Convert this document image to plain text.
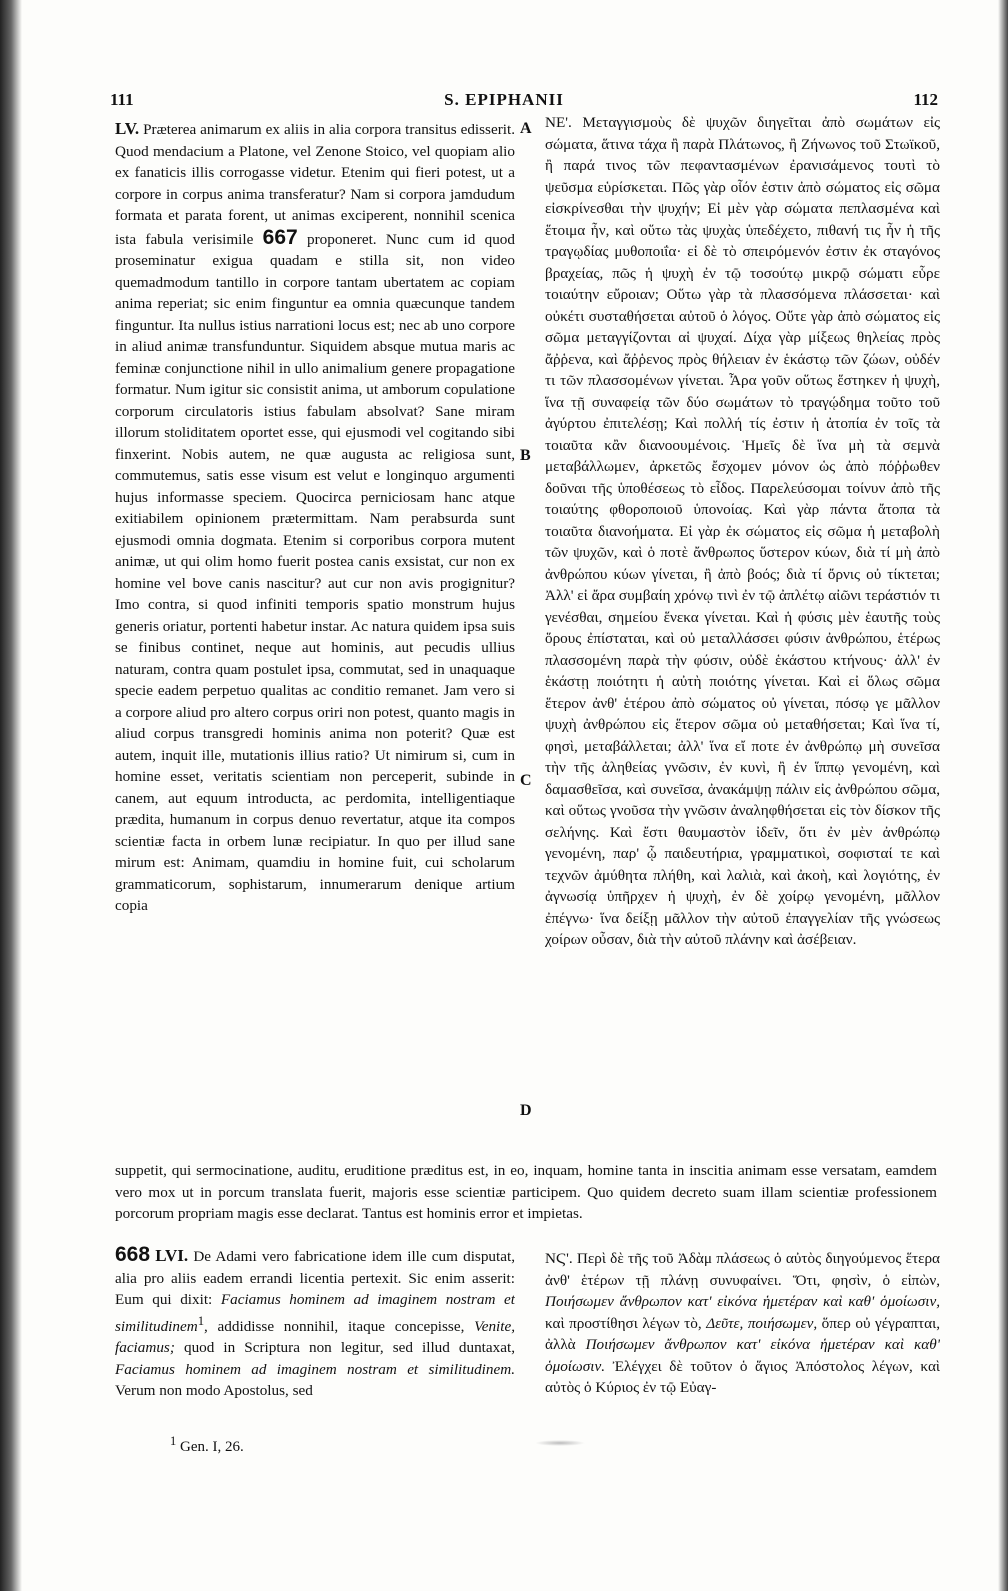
111	S. EPIPHANII	112
A
B
C
D

LV. Præterea animarum ex aliis in alia corpora transitus edisserit. Quod mendacium a Platone, vel Zenone Stoico, vel quopiam alio ex fanaticis illis corrogasse videtur. Etenim qui fieri potest, ut a corpore in corpus anima transferatur? Nam si corpora jamdudum formata et parata forent, ut animas exciperent, nonnihil scenica ista fabula verisimile 667 proponeret. Nunc cum id quod proseminatur exigua quadam e stilla sit, non video quemadmodum tantillo in corpore tantam ubertatem ac copiam anima reperiat; sic enim finguntur ea omnia quæcunque tandem finguntur. Ita nullus istius narrationi locus est; nec ab uno corpore in aliud animæ transfunduntur. Siquidem absque mutua maris ac feminæ conjunctione nihil in ullo animalium genere propagatione formatur. Num igitur sic consistit anima, ut amborum copulatione corporum circulatoris istius fabulam absolvat? Sane miram illorum stoliditatem oportet esse, qui ejusmodi vel cogitando sibi finxerint. Nobis autem, ne quæ augusta ac religiosa sunt, commutemus, satis esse visum est velut e longinquo argumenti hujus informasse speciem. Quocirca perniciosam hanc atque exitiabilem opinionem prætermittam. Nam perabsurda sunt ejusmodi omnia dogmata. Etenim si corporibus corpora mutent animæ, ut qui olim homo fuerit postea canis exsistat, cur non ex homine vel bove canis nascitur? aut cur non avis progignitur? Imo contra, si quod infiniti temporis spatio monstrum hujus generis oriatur, portenti habetur instar. Ac natura quidem ipsa suis se finibus continet, neque aut hominis, aut pecudis ullius naturam, contra quam postulet ipsa, commutat, sed in unaquaque specie eadem perpetuo qualitas ac conditio remanet. Jam vero si a corpore aliud pro altero corpus oriri non potest, quanto magis in aliud corpus transgredi hominis anima non poterit? Quæ est autem, inquit ille, mutationis illius ratio? Ut nimirum si, cum in homine esset, veritatis scientiam non perceperit, subinde in canem, aut equum introducta, ac perdomita, intelligentiaque prædita, humanum in corpus denuo revertatur, atque ita compos scientiæ facta in orbem lunæ recipiatur. In quo per illud sane mirum est: Animam, quamdiu in homine fuit, cui scholarum grammaticorum, sophistarum, innumerarum denique artium copia

ΝΕ'. Μεταγγισμοὺς δὲ ψυχῶν διηγεῖται ἀπὸ σωμάτων εἰς σώματα, ἅτινα τάχα ἢ παρὰ Πλάτωνος, ἢ Ζήνωνος τοῦ Στωϊκοῦ, ἢ παρά τινος τῶν πεφαντασμένων ἐρανισάμενος τουτὶ τὸ ψεῦσμα εὑρίσκεται. Πῶς γὰρ οἷόν ἐστιν ἀπὸ σώματος εἰς σῶμα εἰσκρίνεσθαι τὴν ψυχήν; Εἰ μὲν γὰρ σώματα πεπλασμένα καὶ ἕτοιμα ἦν, καὶ οὕτω τὰς ψυχὰς ὑπεδέχετο, πιθανή τις ἦν ἡ τῆς τραγῳδίας μυθοποιΐα· εἰ δὲ τὸ σπειρόμενόν ἐστιν ἐκ σταγόνος βραχείας, πῶς ἡ ψυχὴ ἐν τῷ τοσούτῳ μικρῷ σώματι εὗρε τοιαύτην εὔροιαν; Οὕτω γὰρ τὰ πλασσόμενα πλάσσεται· καὶ οὐκέτι συσταθήσεται αὐτοῦ ὁ λόγος. Οὔτε γὰρ ἀπὸ σώματος εἰς σῶμα μεταγγίζονται αἱ ψυχαί. Δίχα γὰρ μίξεως θηλείας πρὸς ἄῤῥενα, καὶ ἄῤῥενος πρὸς θήλειαν ἐν ἑκάστῳ τῶν ζώων, οὐδέν τι τῶν πλασσομένων γίνεται. Ἆρα γοῦν οὕτως ἕστηκεν ἡ ψυχὴ, ἵνα τῇ συναφείᾳ τῶν δύο σωμάτων τὸ τραγῴδημα τοῦτο τοῦ ἀγύρτου ἐπιτελέσῃ; Καὶ πολλή τίς ἐστιν ἡ ἀτοπία ἐν τοῖς τὰ τοιαῦτα κἂν διανοουμένοις. Ἡμεῖς δὲ ἵνα μὴ τὰ σεμνὰ μεταβάλλωμεν, ἀρκετῶς ἔσχομεν μόνον ὡς ἀπὸ πόῤῥωθεν δοῦναι τῆς ὑποθέσεως τὸ εἶδος. Παρελεύσομαι τοίνυν ἀπὸ τῆς τοιαύτης φθοροποιοῦ ὑπονοίας. Καὶ γὰρ πάντα ἄτοπα τὰ τοιαῦτα διανοήματα. Εἰ γὰρ ἐκ σώματος εἰς σῶμα ἡ μεταβολὴ τῶν ψυχῶν, καὶ ὁ ποτὲ ἄνθρωπος ὕστερον κύων, διὰ τί μὴ ἀπὸ ἀνθρώπου κύων γίνεται, ἢ ἀπὸ βοός; διὰ τί ὄρνις οὐ τίκτεται; Ἀλλ' εἰ ἄρα συμβαίη χρόνῳ τινὶ ἐν τῷ ἀπλέτῳ αἰῶνι τεράστιόν τι γενέσθαι, σημείου ἕνεκα γίνεται. Καὶ ἡ φύσις μὲν ἑαυτῆς τοὺς ὅρους ἐπίσταται, καὶ οὐ μεταλλάσσει φύσιν ἀνθρώπου, ἑτέρως πλασσομένη παρὰ τὴν φύσιν, οὐδὲ ἑκάστου κτήνους· ἀλλ' ἐν ἑκάστῃ ποιότητι ἡ αὐτὴ ποιότης γίνεται. Καὶ εἰ ὅλως σῶμα ἕτερον ἀνθ' ἑτέρου ἀπὸ σώματος οὐ γίνεται, πόσῳ γε μᾶλλον ψυχὴ ἀνθρώπου εἰς ἕτερον σῶμα οὐ μεταθήσεται; Καὶ ἵνα τί, φησὶ, μεταβάλλεται; ἀλλ' ἵνα εἴ ποτε ἐν ἀνθρώπῳ μὴ συνεῖσα τὴν τῆς ἀληθείας γνῶσιν, ἐν κυνὶ, ἢ ἐν ἵππῳ γενομένη, καὶ δαμασθεῖσα, καὶ συνεῖσα, ἀνακάμψῃ πάλιν εἰς ἀνθρώπου σῶμα, καὶ οὕτως γνοῦσα τὴν γνῶσιν ἀναληφθήσεται εἰς τὸν δίσκον τῆς σελήνης. Καὶ ἔστι θαυμαστὸν ἰδεῖν, ὅτι ἐν μὲν ἀνθρώπῳ γενομένη, παρ' ᾧ παιδευτήρια, γραμματικοὶ, σοφισταί τε καὶ τεχνῶν ἀμύθητα πλήθη, καὶ λαλιὰ, καὶ ἀκοὴ, καὶ λογιότης, ἐν ἀγνωσίᾳ ὑπῆρχεν ἡ ψυχὴ, ἐν δὲ χοίρῳ γενομένη, μᾶλλον ἐπέγνω· ἵνα δείξῃ μᾶλλον τὴν αὐτοῦ ἐπαγγελίαν τῆς γνώσεως χοίρων οὖσαν, διὰ τὴν αὐτοῦ πλάνην καὶ ἀσέβειαν.

suppetit, qui sermocinatione, auditu, eruditione præditus est, in eo, inquam, homine tanta in inscitia animam esse versatam, eamdem vero mox ut in porcum translata fuerit, majoris esse scientiæ participem. Quo quidem decreto suam illam scientiæ professionem porcorum propriam magis esse declarat. Tantus est hominis error et impietas.
668 LVI. De Adami vero fabricatione idem ille cum disputat, alia pro aliis eadem errandi licentia pertexit. Sic enim asserit: Eum qui dixit: Faciamus hominem ad imaginem nostram et similitudinem$^1$, addidisse nonnihil, itaque concepisse, Venite, faciamus; quod in Scriptura non legitur, sed illud duntaxat, Faciamus hominem ad imaginem nostram et similitudinem. Verum non modo Apostolus, sed
ΝϚ'. Περὶ δὲ τῆς τοῦ Ἀδὰμ πλάσεως ὁ αὐτὸς διηγούμενος ἕτερα ἀνθ' ἑτέρων τῇ πλάνῃ συνυφαίνει. Ὅτι, φησὶν, ὁ εἰπὼν, Ποιήσωμεν ἄνθρωπον κατ' εἰκόνα ἡμετέραν καὶ καθ' ὁμοίωσιν, καὶ προστίθησι λέγων τὸ, Δεῦτε, ποιήσωμεν, ὅπερ οὐ γέγραπται, ἀλλὰ Ποιήσωμεν ἄνθρωπον κατ' εἰκόνα ἡμετέραν καὶ καθ' ὁμοίωσιν. Ἐλέγχει δὲ τοῦτον ὁ ἅγιος Ἀπόστολος λέγων, καὶ αὐτὸς ὁ Κύριος ἐν τῷ Εὐαγ-
$^1$ Gen. I, 26.
